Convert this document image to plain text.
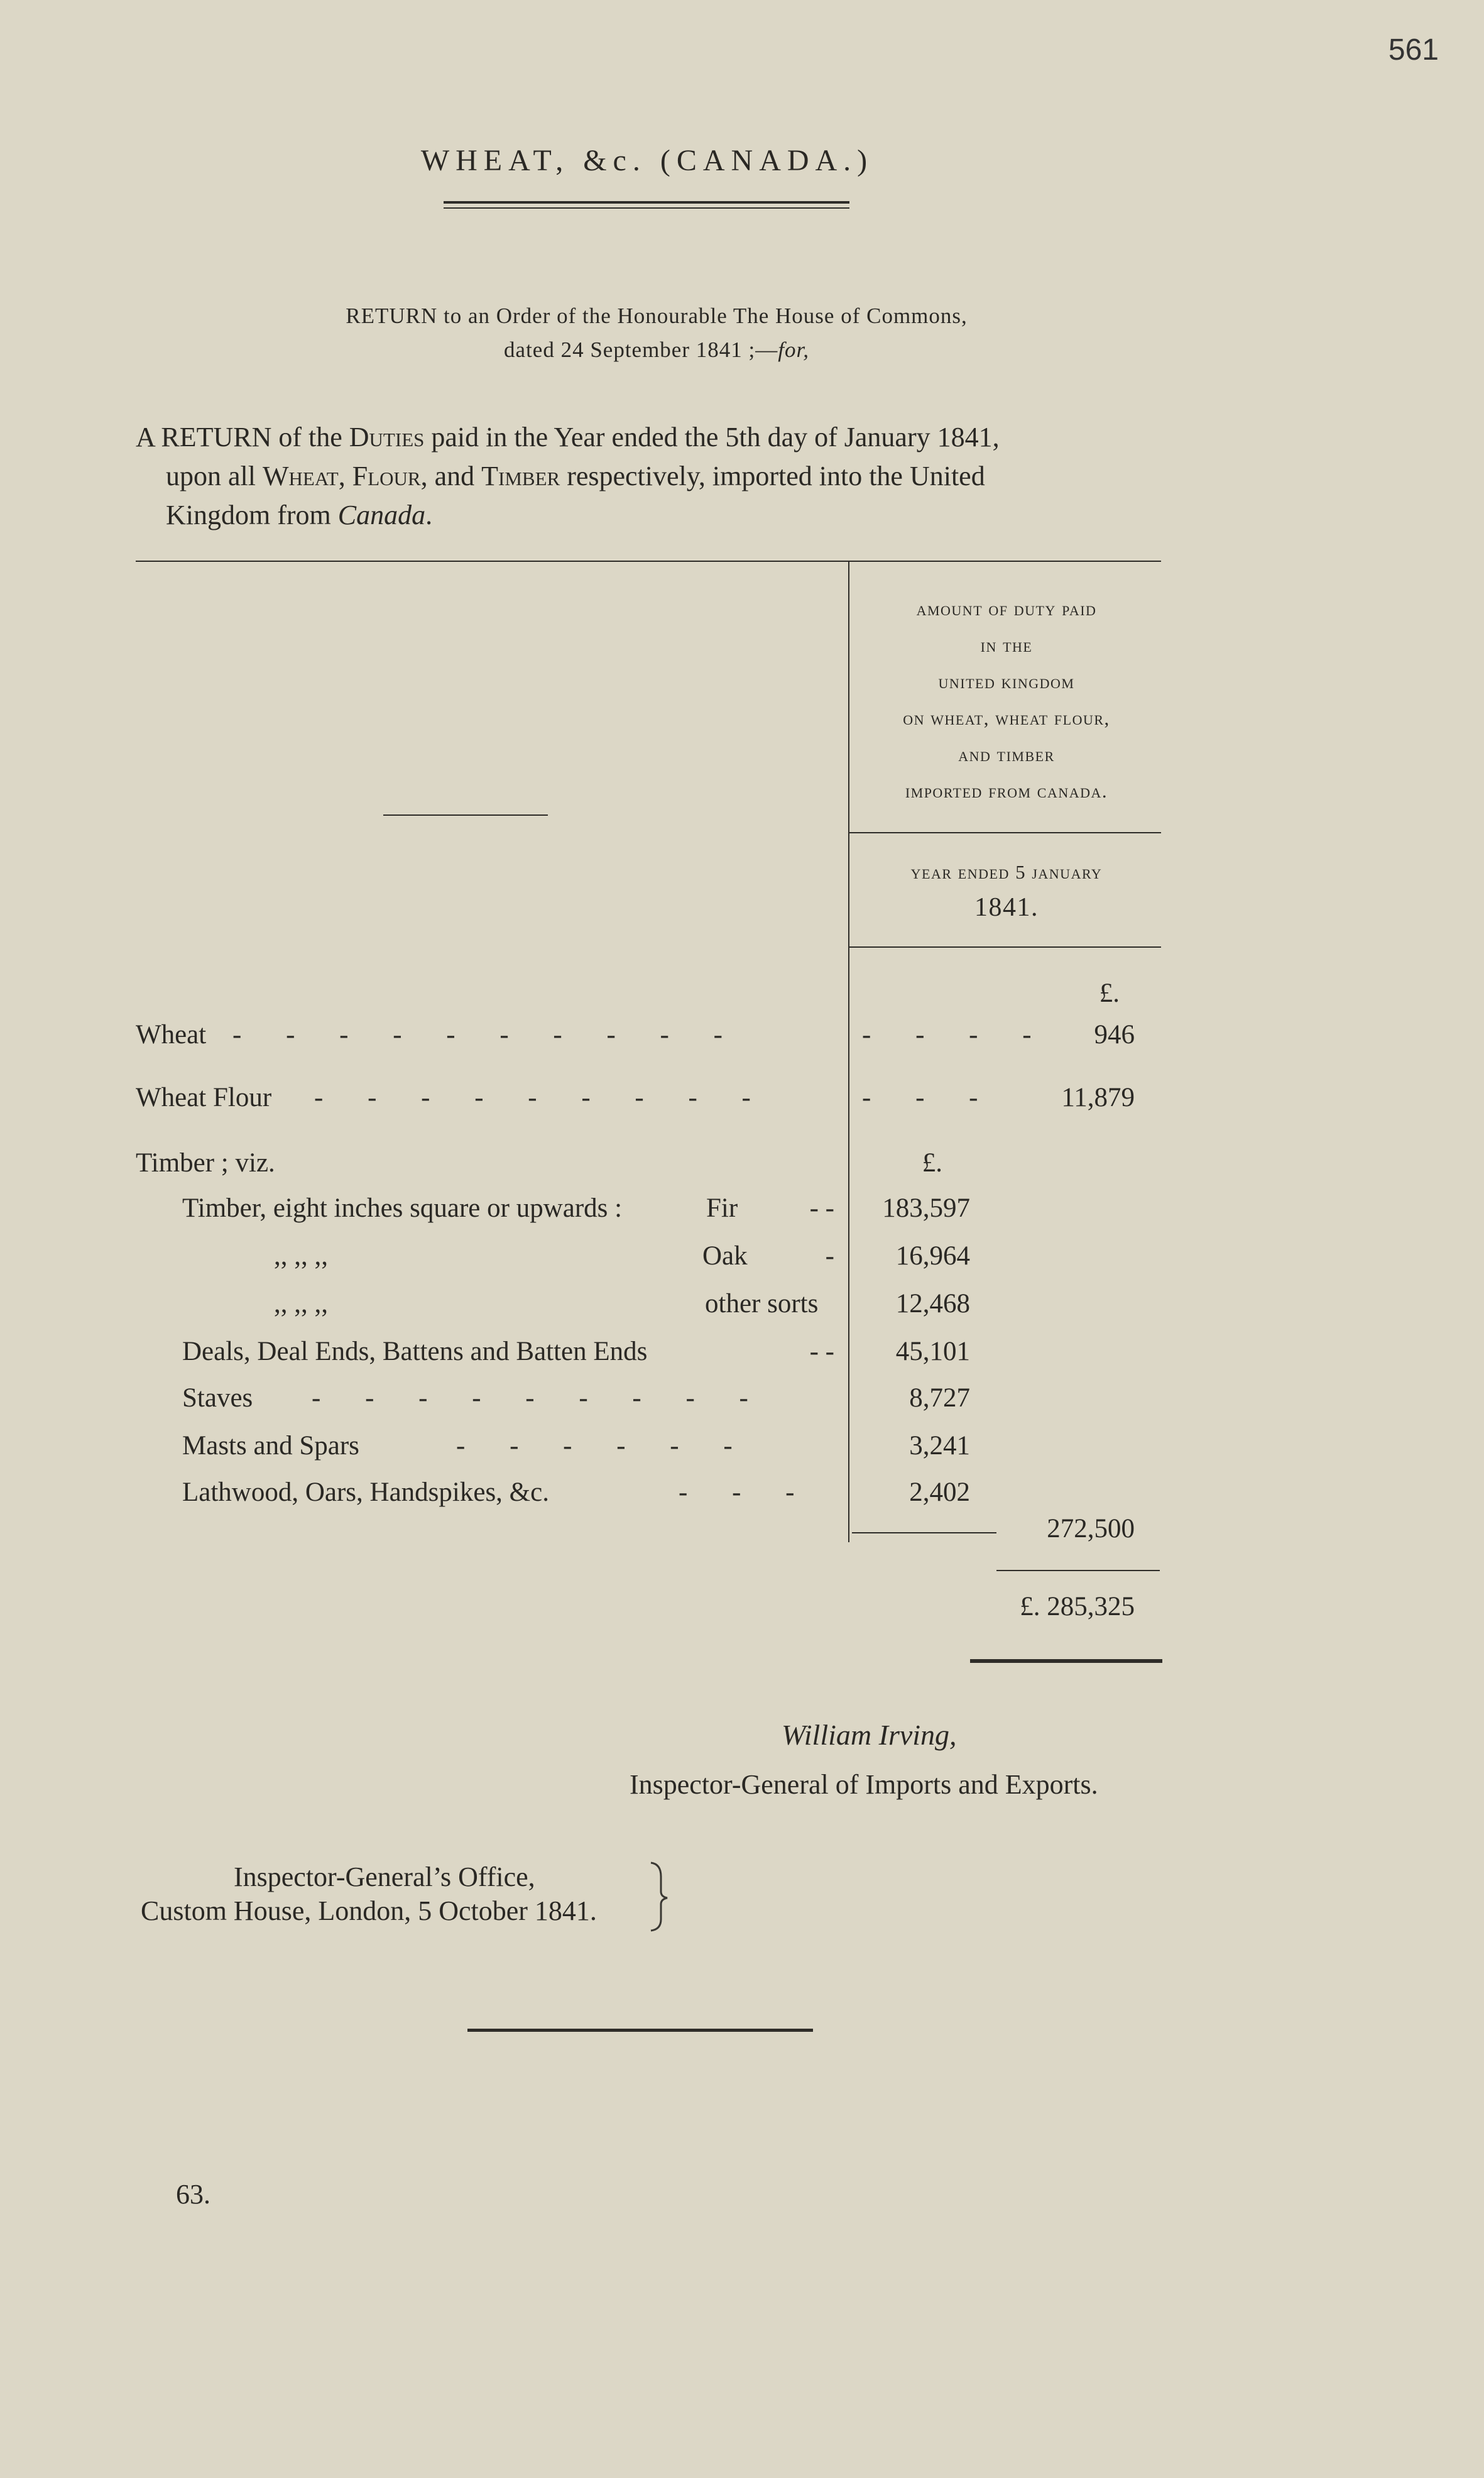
561
WHEAT, &c. (CANADA.)
RETURN to an Order of the Honourable The House of Commons,
dated 24 September 1841 ;—for,
A RETURN of the Duties paid in the Year ended the 5th day of January 1841,
upon all Wheat, Flour, and Timber respectively, imported into the United
Kingdom from Canada.
amount of duty paid
in the
united kingdom
on wheat, wheat flour,
and timber
imported from canada.
year ended 5 january
1841.
£.
Wheat - - - - - - - - - -	- - - -	946
Wheat Flour - - - - - - - - -	- - -	11,879
Timber ; viz.	£.
Timber, eight inches square or upwards :	Fir	- -	183,597
,, ,, ,,	Oak	-	16,964
,, ,, ,,	other sorts	12,468
Deals, Deal Ends, Battens and Batten Ends	- -	45,101
Staves - - - - - - - - -	8,727
Masts and Spars	- - - - - -	3,241
Lathwood, Oars, Handspikes, &c.	- - -	2,402
272,500
£. 285,325
William Irving,
Inspector-General of Imports and Exports.
Inspector-General’s Office,
Custom House, London, 5 October 1841.
63.
